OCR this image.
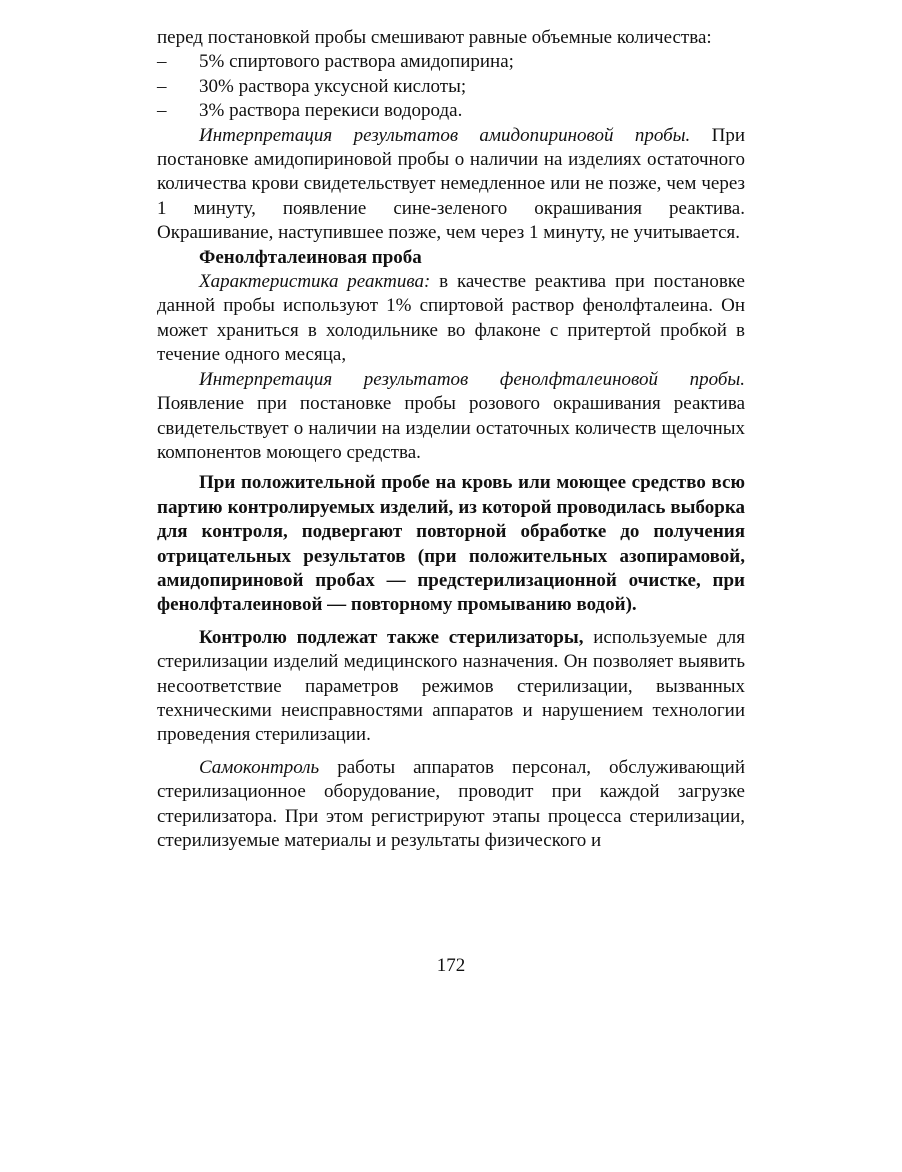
перед постановкой пробы смешивают равные объемные количества:

– 5% спиртового раствора амидопирина;
– 30% раствора уксусной кислоты;
– 3% раствора перекиси водорода.

Интерпретация результатов амидопириновой пробы. При постановке амидопириновой пробы о наличии на изделиях остаточного количества крови свидетельствует немедленное или не позже, чем через 1 минуту, появление сине-зеленого окрашивания реактива. Окрашивание, наступившее позже, чем через 1 минуту, не учитывается.

Фенолфталеиновая проба

Характеристика реактива: в качестве реактива при постановке данной пробы используют 1% спиртовой раствор фенолфталеина. Он может храниться в холодильнике во флаконе с притертой пробкой в течение одного месяца,

Интерпретация результатов фенолфталеиновой пробы. Появление при постановке пробы розового окрашивания реактива свидетельствует о наличии на изделии остаточных количеств щелочных компонентов моющего средства.

При положительной пробе на кровь или моющее средство всю партию контролируемых изделий, из которой проводилась выборка для контроля, подвергают повторной обработке до получения отрицательных результатов (при положительных азопирамовой, амидопириновой пробах — предстерилизационной очистке, при фенолфталеиновой — повторному промыванию водой).

Контролю подлежат также стерилизаторы, используемые для стерилизации изделий медицинского назначения. Он позволяет выявить несоответствие параметров режимов стерилизации, вызванных техническими неисправностями аппаратов и нарушением технологии проведения стерилизации.

Самоконтроль работы аппаратов персонал, обслуживающий стерилизационное оборудование, проводит при каждой загрузке стерилизатора. При этом регистрируют этапы процесса стерилизации, стерилизуемые материалы и результаты физического и

172
